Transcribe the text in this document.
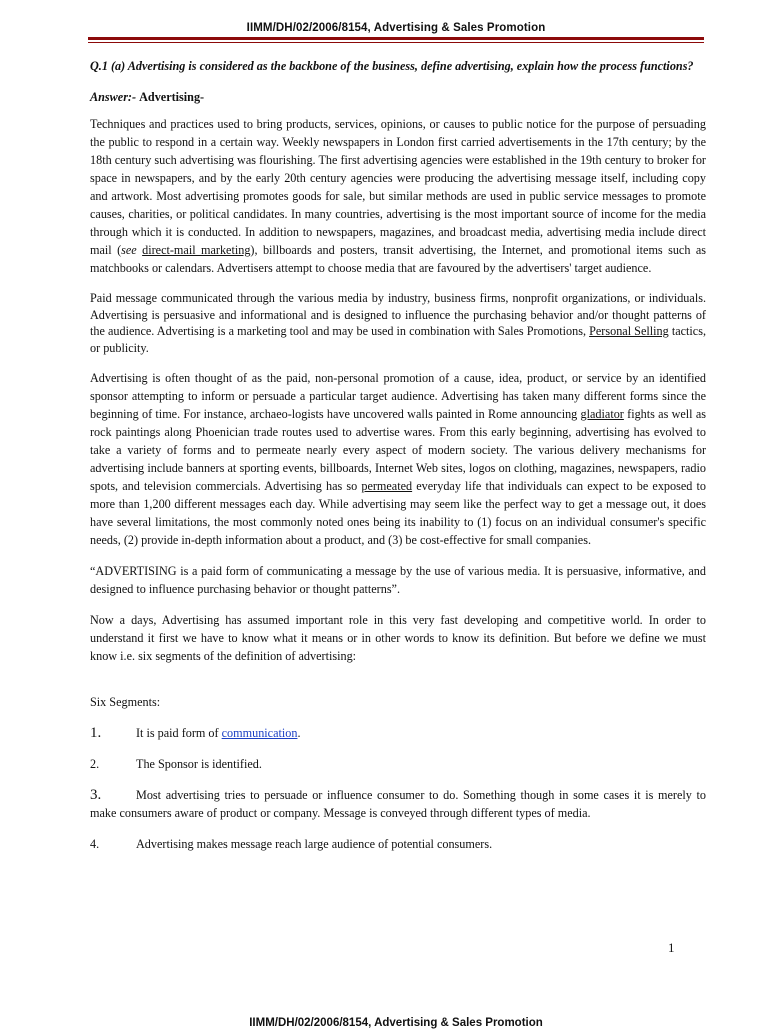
IIMM/DH/02/2006/8154, Advertising & Sales Promotion

Q.1 (a) Advertising is considered as the backbone of the business, define advertising, explain how the process functions?

Answer:- Advertising-

Techniques and practices used to bring products, services, opinions, or causes to public notice for the purpose of persuading the public to respond in a certain way. Weekly newspapers in London first carried advertisements in the 17th century; by the 18th century such advertising was flourishing. The first advertising agencies were established in the 19th century to broker for space in newspapers, and by the early 20th century agencies were producing the advertising message itself, including copy and artwork. Most advertising promotes goods for sale, but similar methods are used in public service messages to promote causes, charities, or political candidates. In many countries, advertising is the most important source of income for the media through which it is conducted. In addition to newspapers, magazines, and broadcast media, advertising media include direct mail (see direct-mail marketing), billboards and posters, transit advertising, the Internet, and promotional items such as matchbooks or calendars. Advertisers attempt to choose media that are favoured by the advertisers' target audience.

Paid message communicated through the various media by industry, business firms, nonprofit organizations, or individuals. Advertising is persuasive and informational and is designed to influence the purchasing behavior and/or thought patterns of the audience. Advertising is a marketing tool and may be used in combination with Sales Promotions, Personal Selling tactics, or publicity.

Advertising is often thought of as the paid, non-personal promotion of a cause, idea, product, or service by an identified sponsor attempting to inform or persuade a particular target audience. Advertising has taken many different forms since the beginning of time. For instance, archaeo-logists have uncovered walls painted in Rome announcing gladiator fights as well as rock paintings along Phoenician trade routes used to advertise wares. From this early beginning, advertising has evolved to take a variety of forms and to permeate nearly every aspect of modern society. The various delivery mechanisms for advertising include banners at sporting events, billboards, Internet Web sites, logos on clothing, magazines, newspapers, radio spots, and television commercials. Advertising has so permeated everyday life that individuals can expect to be exposed to more than 1,200 different messages each day. While advertising may seem like the perfect way to get a message out, it does have several limitations, the most commonly noted ones being its inability to (1) focus on an individual consumer's specific needs, (2) provide in-depth information about a product, and (3) be cost-effective for small companies.

“ADVERTISING is a paid form of communicating a message by the use of various media. It is persuasive, informative, and designed to influence purchasing behavior or thought patterns”.

Now a days, Advertising has assumed important role in this very fast developing and competitive world. In order to understand it first we have to know what it means or in other words to know its definition. But before we define we must know i.e. six segments of the definition of advertising:

Six Segments:

1.	It is paid form of communication.
2.	The Sponsor is identified.

3.	Most advertising tries to persuade or influence consumer to do. Something though in some cases it is merely to make consumers aware of product or company. Message is conveyed through different types of media.

4.	Advertising makes message reach large audience of potential consumers.
1
IIMM/DH/02/2006/8154, Advertising & Sales Promotion
